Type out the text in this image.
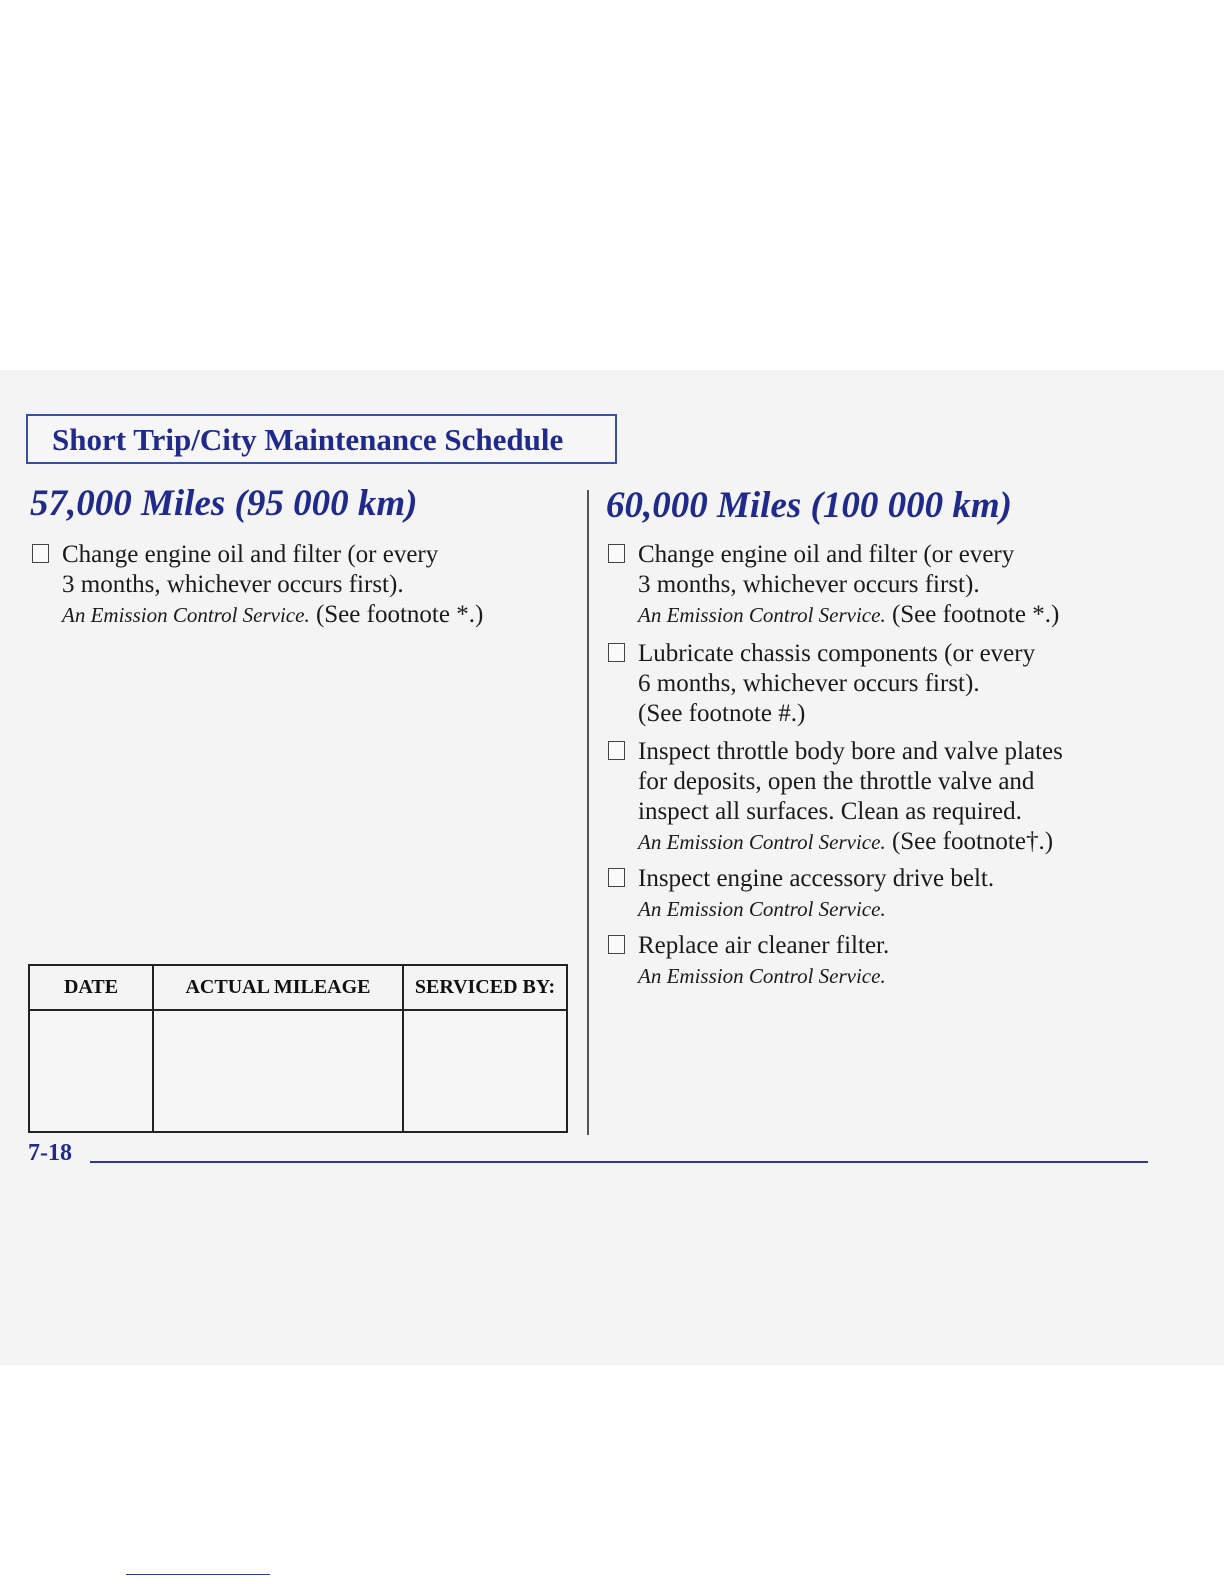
Short Trip/City Maintenance Schedule
57,000 Miles (95 000 km)
Change engine oil and filter (or every
3 months, whichever occurs first).
An Emission Control Service. (See footnote *.)
60,000 Miles (100 000 km)
Change engine oil and filter (or every
3 months, whichever occurs first).
An Emission Control Service. (See footnote *.)
Lubricate chassis components (or every
6 months, whichever occurs first).
(See footnote #.)
Inspect throttle body bore and valve plates
for deposits, open the throttle valve and
inspect all surfaces. Clean as required.
An Emission Control Service. (See footnote†.)
Inspect engine accessory drive belt.
An Emission Control Service.
Replace air cleaner filter.
An Emission Control Service.
DATE	ACTUAL MILEAGE	SERVICED BY:

7-18
